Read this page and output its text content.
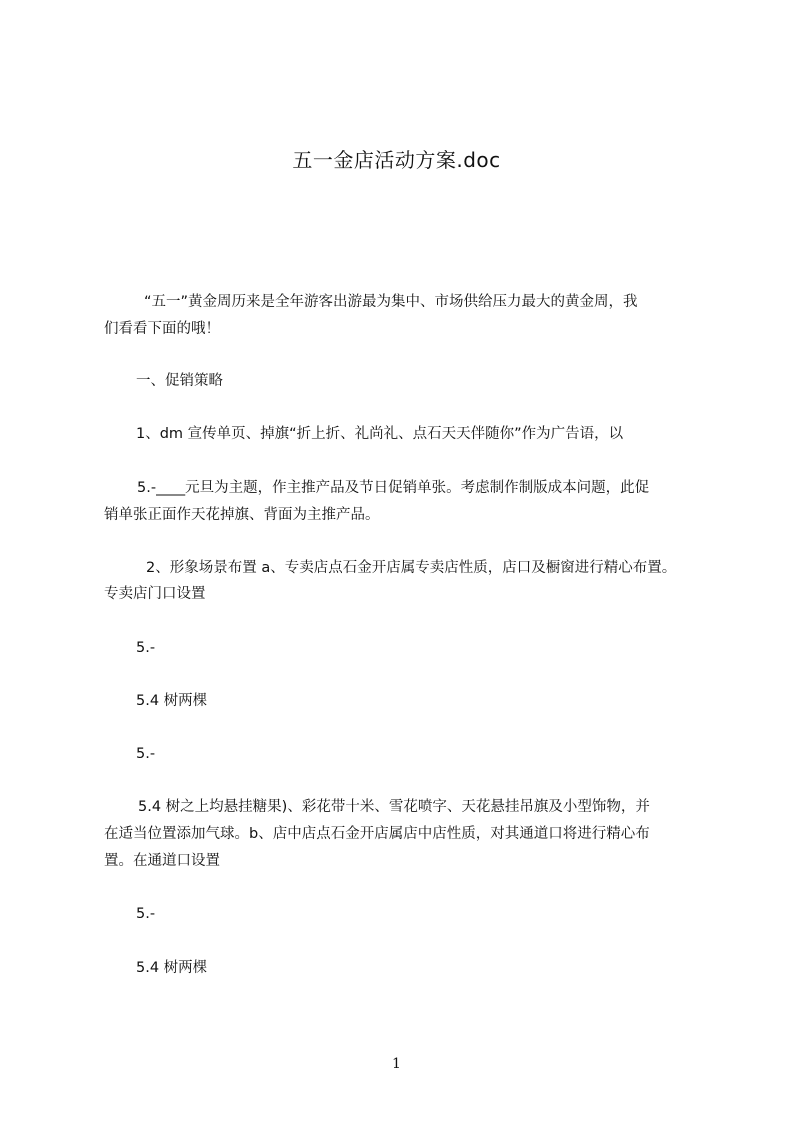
五一金店活动方案.doc
“五一”黄金周历来是全年游客出游最为集中、市场供给压力最大的黄金周，我
们看看下面的哦！
一、促销策略
1、dm 宣传单页、掉旗“折上折、礼尚礼、点石天天伴随你”作为广告语，以
5.-____元旦为主题，作主推产品及节日促销单张。考虑制作制版成本问题，此促
销单张正面作天花掉旗、背面为主推产品。
2、形象场景布置 a、专卖店点石金开店属专卖店性质，店口及橱窗进行精心布置。
专卖店门口设置
5.-
5.4 树两棵
5.-
5.4 树之上均悬挂糖果)、彩花带十米、雪花喷字、天花悬挂吊旗及小型饰物，并
在适当位置添加气球。b、店中店点石金开店属店中店性质，对其通道口将进行精心布
置。在通道口设置
5.-
5.4 树两棵
1
